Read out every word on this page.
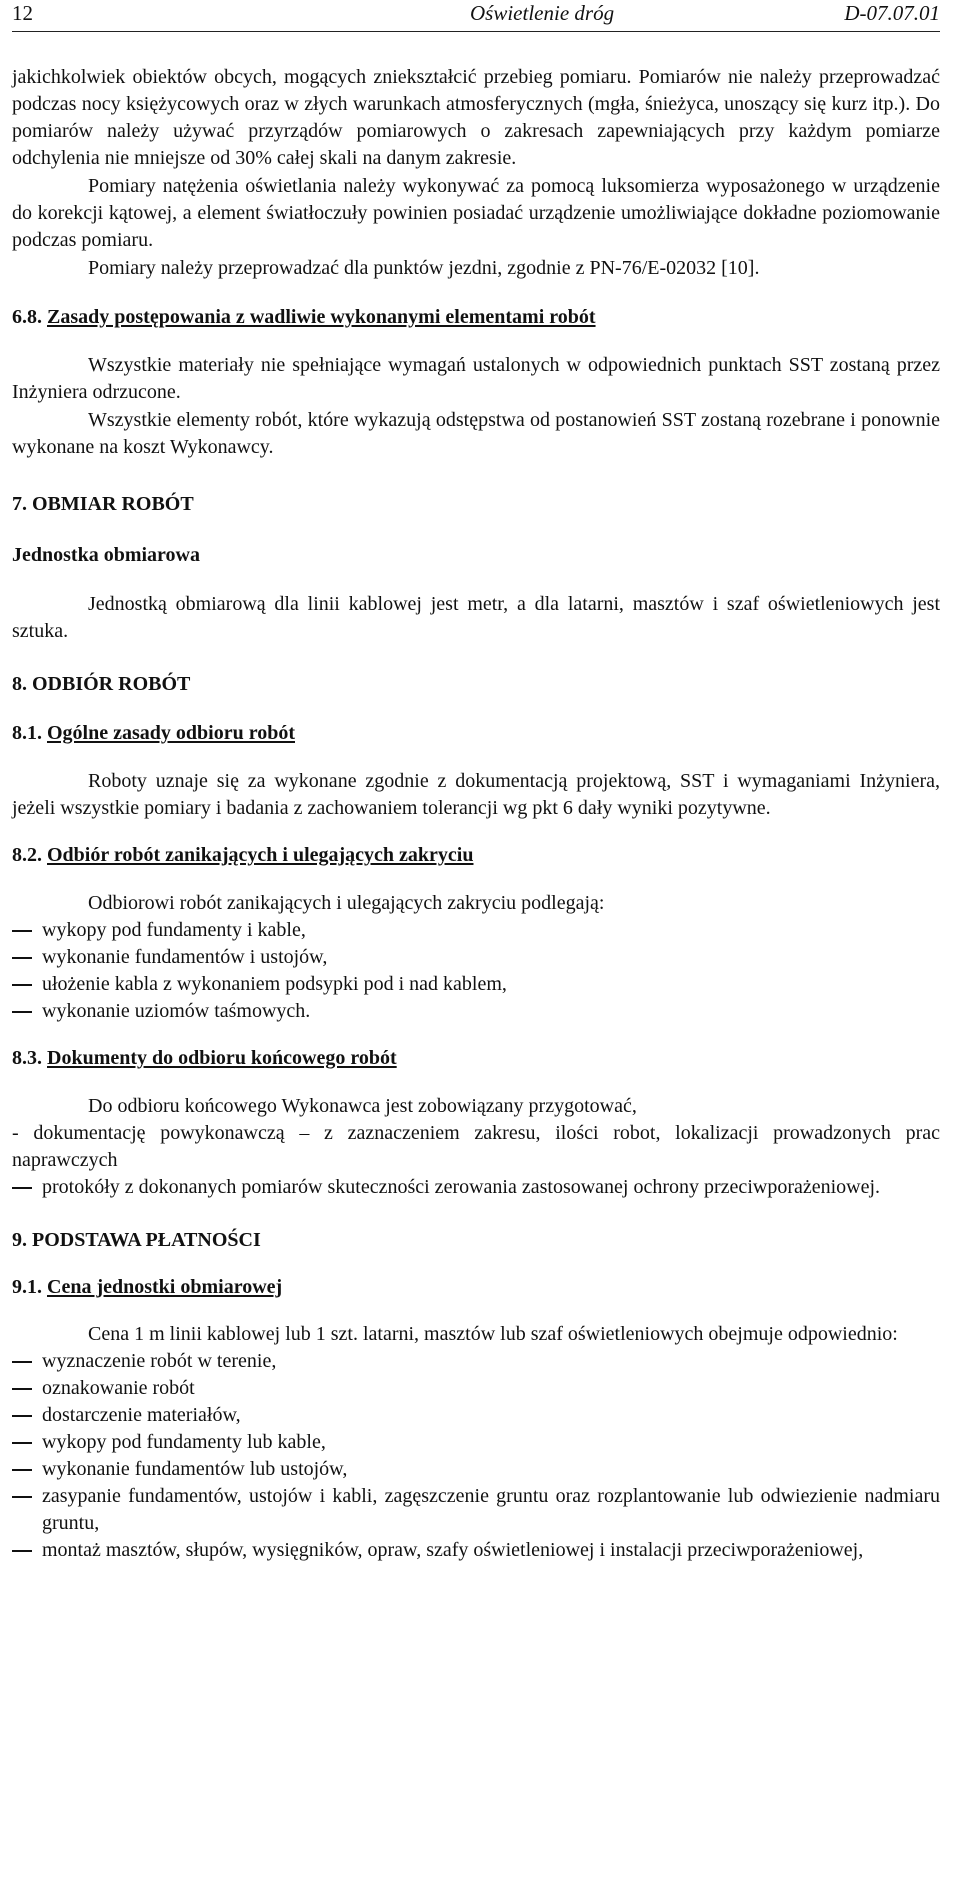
12	Oświetlenie dróg	D-07.07.01

jakichkolwiek obiektów obcych, mogących zniekształcić przebieg pomiaru. Pomiarów nie należy przeprowadzać podczas nocy księżycowych oraz w złych warunkach atmosferycznych (mgła, śnieżyca, unoszący się kurz itp.). Do pomiarów należy używać przyrządów pomiarowych o zakresach zapewniających przy każdym pomiarze odchylenia nie mniejsze od 30% całej skali na danym zakresie.

Pomiary natężenia oświetlania należy wykonywać za pomocą luksomierza wyposażonego w urządzenie do korekcji kątowej, a element światłoczuły powinien posiadać urządzenie umożliwiające dokładne poziomowanie podczas pomiaru.

Pomiary należy przeprowadzać dla punktów jezdni, zgodnie z PN-76/E-02032 [10].

6.8. Zasady postępowania z wadliwie wykonanymi elementami robót

Wszystkie materiały nie spełniające wymagań ustalonych w odpowiednich punktach SST zostaną przez Inżyniera odrzucone.

Wszystkie elementy robót, które wykazują odstępstwa od postanowień SST zostaną rozebrane i ponownie wykonane na koszt Wykonawcy.

7. OBMIAR ROBÓT
Jednostka obmiarowa

Jednostką obmiarową dla linii kablowej jest metr, a dla latarni, masztów i szaf oświetleniowych jest sztuka.

8. ODBIÓR ROBÓT
8.1. Ogólne zasady odbioru robót

Roboty uznaje się za wykonane zgodnie z dokumentacją projektową, SST i wymaganiami Inżyniera, jeżeli wszystkie pomiary i badania z zachowaniem tolerancji wg pkt 6 dały wyniki pozytywne.

8.2. Odbiór robót zanikających i ulegających zakryciu

Odbiorowi robót zanikających i ulegających zakryciu podlegają:

wykopy pod fundamenty i kable,
wykonanie fundamentów i ustojów,
ułożenie kabla z wykonaniem podsypki pod i nad kablem,
wykonanie uziomów taśmowych.
8.3. Dokumenty do odbioru końcowego robót

Do odbioru końcowego Wykonawca jest zobowiązany przygotować,

- dokumentację powykonawczą – z zaznaczeniem zakresu, ilości robot, lokalizacji prowadzonych prac naprawczych

protokóły z dokonanych pomiarów skuteczności zerowania zastosowanej ochrony przeciwporażeniowej.
9. PODSTAWA PŁATNOŚCI
9.1. Cena jednostki obmiarowej

Cena 1 m linii kablowej lub 1 szt. latarni, masztów lub szaf oświetleniowych obejmuje odpowiednio:

wyznaczenie robót w terenie,
oznakowanie robót
dostarczenie materiałów,
wykopy pod fundamenty lub kable,
wykonanie fundamentów lub ustojów,
zasypanie fundamentów, ustojów i kabli, zagęszczenie gruntu oraz rozplantowanie lub odwiezienie nadmiaru gruntu,
montaż masztów, słupów, wysięgników, opraw, szafy oświetleniowej i instalacji przeciwporażeniowej,
